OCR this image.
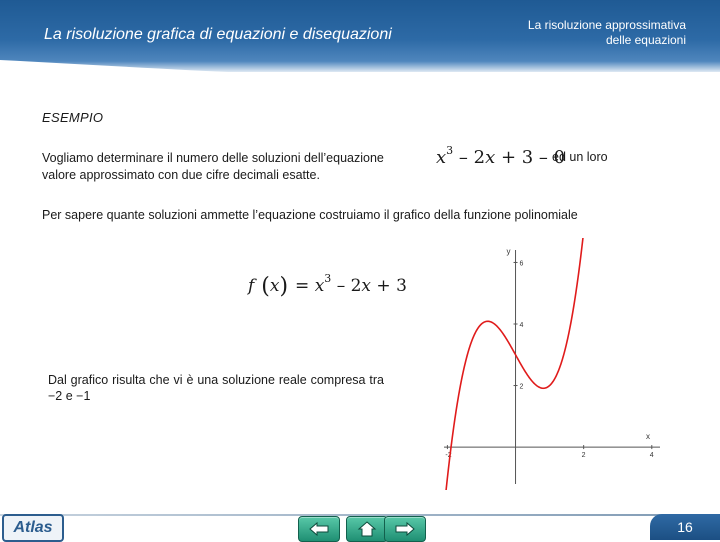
La risoluzione grafica di equazioni e disequazioni
La risoluzione approssimativa
delle equazioni
ESEMPIO
Vogliamo determinare il numero delle soluzioni dell’equazione
valore approssimato con due cifre decimali esatte.
$x^3 - 2x + 3 - 0$
ed un loro
Per sapere quante soluzioni ammette l’equazione costruiamo il grafico della funzione polinomiale
f $(x) = x^3 - 2x + 3$
Dal grafico risulta che vi è una soluzione reale compresa tra −2 e −1
x
y
-2	2	4
6
4
2
Atlas	16
